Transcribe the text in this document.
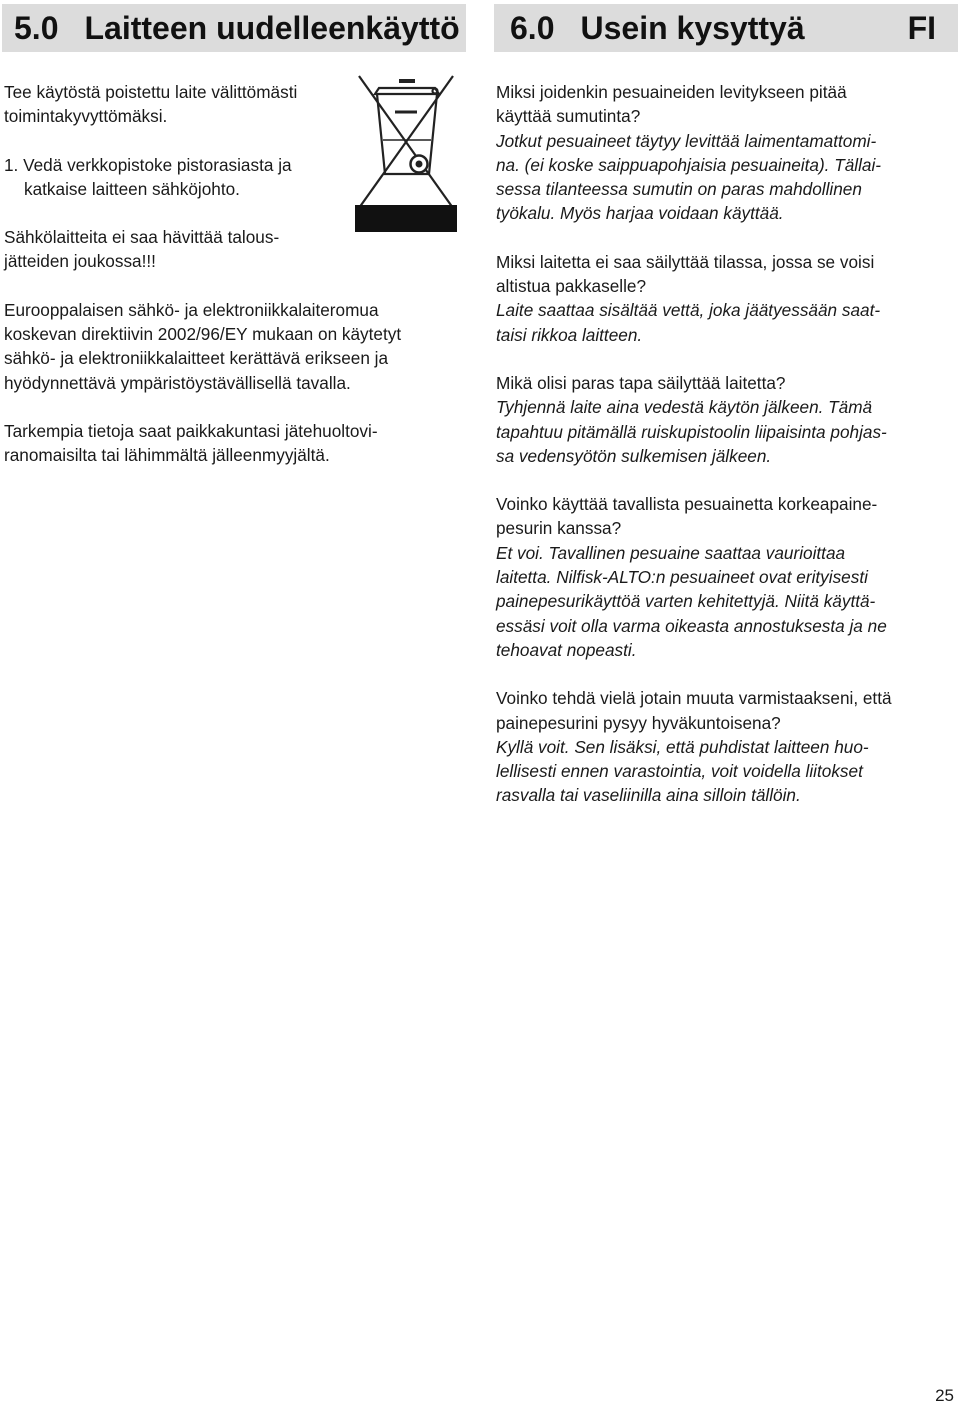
5.0 Laitteen uudelleenkäyttö	6.0 Usein kysyttyä	FI

Tee käytöstä poistettu laite välittömästi

toimintakyvyttömäksi.

1. Vedä verkkopistoke pistorasiasta ja

katkaise laitteen sähköjohto.

Sähkölaitteita ei saa hävittää talous-

jätteiden joukossa!!!

Eurooppalaisen sähkö- ja elektroniikkalaiteromua

koskevan direktiivin 2002/96/EY mukaan on käytetyt

sähkö- ja elektroniikkalaitteet kerättävä erikseen ja

hyödynnettävä ympäristöystävällisellä tavalla.

Tarkempia tietoja saat paikkakuntasi jätehuoltovi-

ranomaisilta tai lähimmältä jälleenmyyjältä.

Miksi joidenkin pesuaineiden levitykseen pitää

käyttää sumutinta?

Jotkut pesuaineet täytyy levittää laimentamattomi-

na. (ei koske saippuapohjaisia pesuaineita). Tällai-

sessa tilanteessa sumutin on paras mahdollinen

työkalu. Myös harjaa voidaan käyttää.

Miksi laitetta ei saa säilyttää tilassa, jossa se voisi

altistua pakkaselle?

Laite saattaa sisältää vettä, joka jäätyessään saat-

taisi rikkoa laitteen.

Mikä olisi paras tapa säilyttää laitetta?

Tyhjennä laite aina vedestä käytön jälkeen. Tämä

tapahtuu pitämällä ruiskupistoolin liipaisinta pohjas-

sa vedensyötön sulkemisen jälkeen.

Voinko käyttää tavallista pesuainetta korkeapaine-

pesurin kanssa?

Et voi. Tavallinen pesuaine saattaa vaurioittaa

laitetta. Nilfisk-ALTO:n pesuaineet ovat erityisesti

painepesurikäyttöä varten kehitettyjä. Niitä käyttä-

essäsi voit olla varma oikeasta annostuksesta ja ne

tehoavat nopeasti.

Voinko tehdä vielä jotain muuta varmistaakseni, että

painepesurini pysyy hyväkuntoisena?

Kyllä voit. Sen lisäksi, että puhdistat laitteen huo-

lellisesti ennen varastointia, voit voidella liitokset

rasvalla tai vaseliinilla aina silloin tällöin.

25
